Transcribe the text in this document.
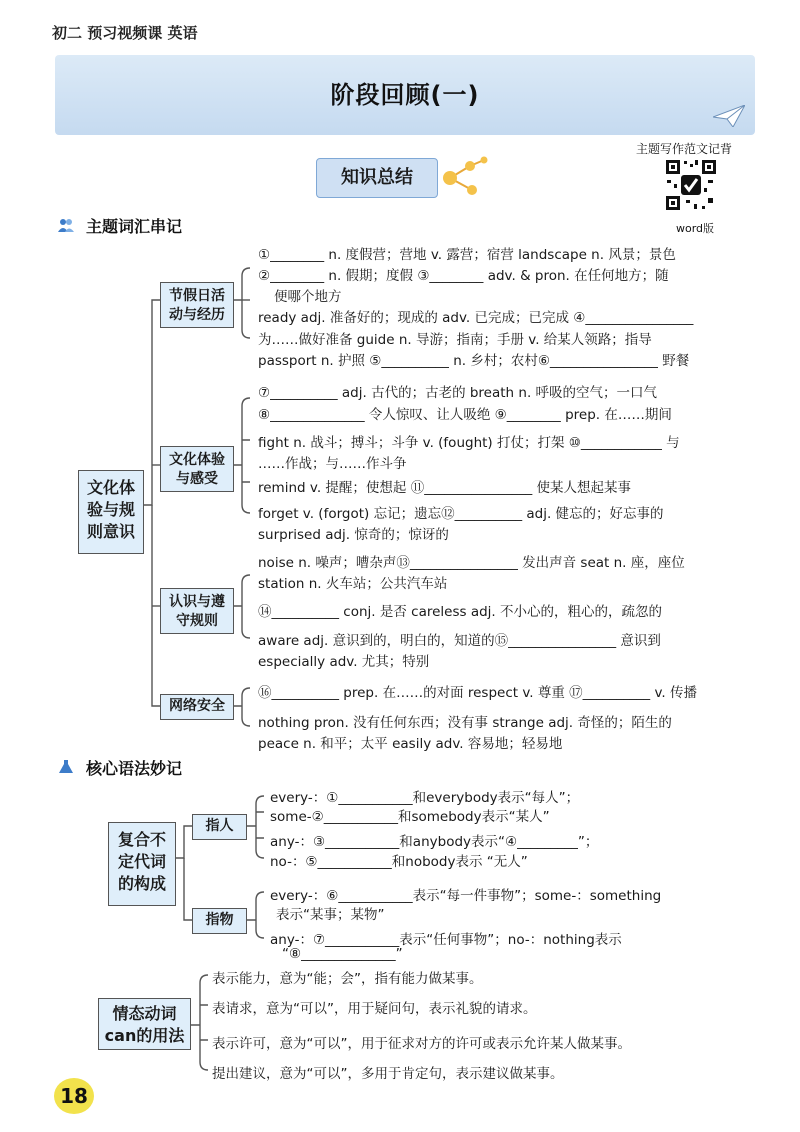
初二 预习视频课 英语
阶段回顾(一)
主题写作范文记背
word版
知识总结
主题词汇串记
文化体
验与规
则意识
节假日活
动与经历
文化体验
与感受
认识与遵
守规则
网络安全
①________ n. 度假营；营地 v. 露营；宿营 landscape n. 风景；景色
②________ n. 假期；度假 ③________ adv. & pron. 在任何地方；随
便哪个地方
ready adj. 准备好的；现成的 adv. 已完成；已完成 ④________________
为……做好准备 guide n. 导游；指南；手册 v. 给某人领路；指导
passport n. 护照 ⑤__________ n. 乡村；农村⑥________________ 野餐
⑦__________ adj. 古代的；古老的 breath n. 呼吸的空气；一口气
⑧______________ 令人惊叹、让人吸绝 ⑨________ prep. 在……期间
fight n. 战斗；搏斗；斗争 v. (fought) 打仗；打架 ⑩____________ 与
……作战；与……作斗争
remind v. 提醒；使想起 ⑪________________ 使某人想起某事
forget v. (forgot) 忘记；遗忘⑫__________ adj. 健忘的；好忘事的
surprised adj. 惊奇的；惊讶的
noise n. 噪声；嘈杂声⑬________________ 发出声音 seat n. 座，座位
station n. 火车站；公共汽车站
⑭__________ conj. 是否 careless adj. 不小心的，粗心的，疏忽的
aware adj. 意识到的，明白的，知道的⑮________________ 意识到
especially adv. 尤其；特别
⑯__________ prep. 在……的对面 respect v. 尊重 ⑰__________ v. 传播
nothing pron. 没有任何东西；没有事 strange adj. 奇怪的；陌生的
peace n. 和平；太平 easily adv. 容易地；轻易地
核心语法妙记
复合不
定代词
的构成
指人
指物
every-：①___________和everybody表示“每人”；
some-②___________和somebody表示“某人”
any-：③___________和anybody表示“④_________”；
no-：⑤___________和nobody表示 “无人”
every-：⑥___________表示“每一件事物”；some-：something
表示“某事；某物”
any-：⑦___________表示“任何事物”；no-：nothing表示
“⑧______________”
情态动词
can的用法
表示能力，意为“能；会”，指有能力做某事。
表请求，意为“可以”，用于疑问句，表示礼貌的请求。
表示许可，意为“可以”，用于征求对方的许可或表示允许某人做某事。
提出建议，意为“可以”，多用于肯定句，表示建议做某事。
18
